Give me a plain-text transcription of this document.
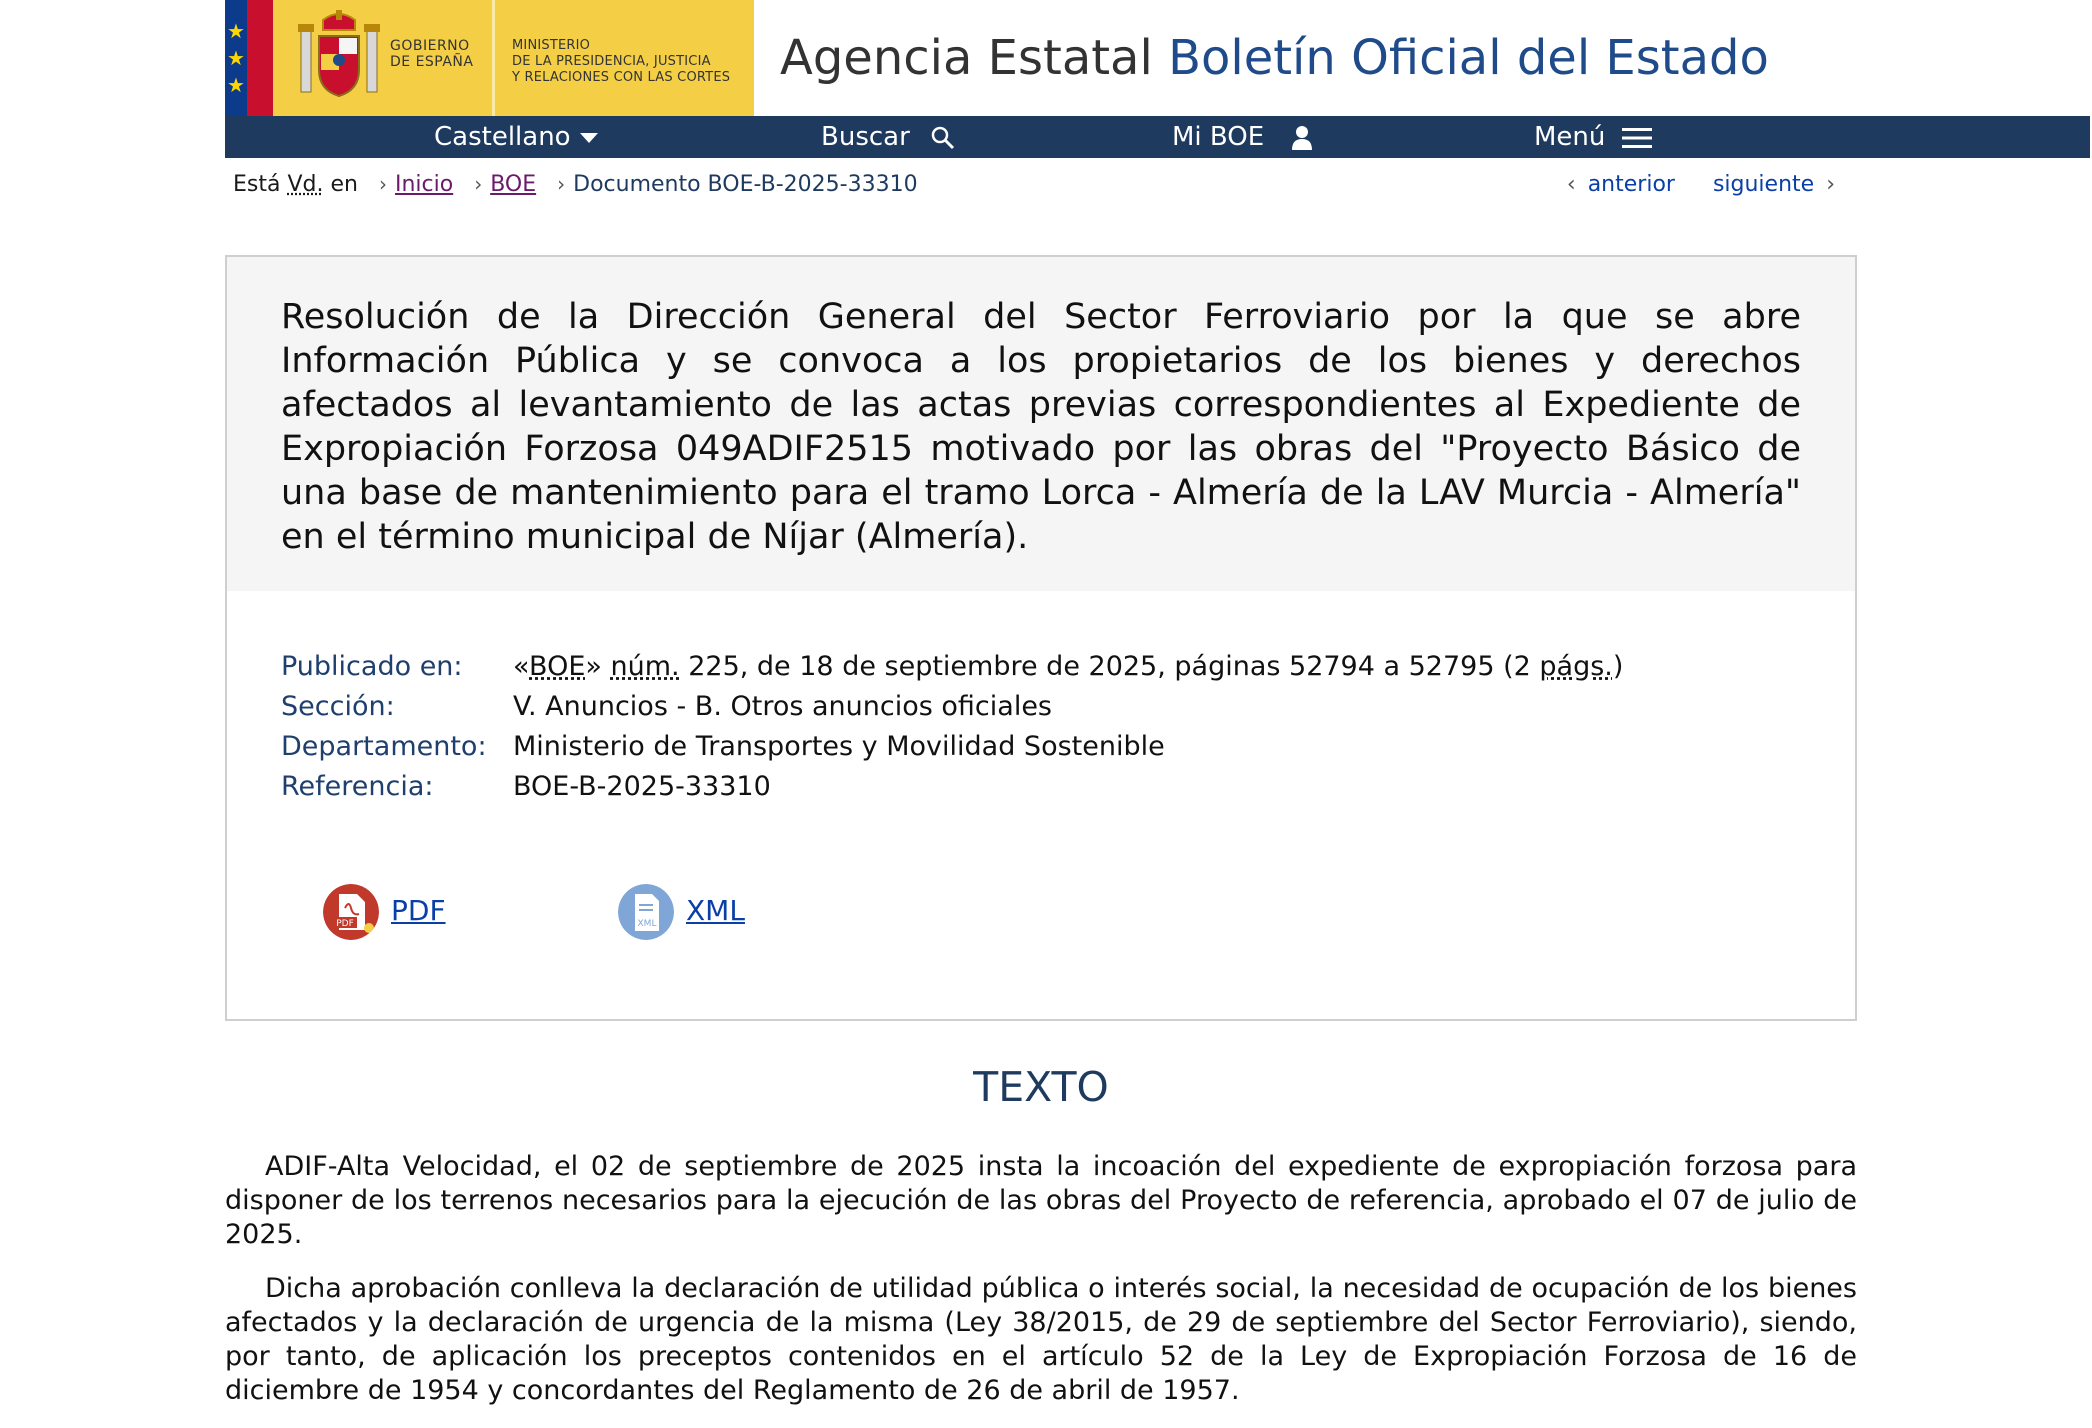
★
★
★
GOBIERNO
DE ESPAÑA
MINISTERIO
DE LA PRESIDENCIA, JUSTICIA
Y RELACIONES CON LAS CORTES Agencia Estatal Boletín Oficial del Estado
Castellano	Buscar	Mi BOE	Menú
Está Vd. en › Inicio › BOE › Documento BOE-B-2025-33310	‹ anterior siguiente ›
Resolución de la Dirección General del Sector Ferroviario por la que se abre Información Pública y se convoca a los propietarios de los bienes y derechos afectados al levantamiento de las actas previas correspondientes al Expediente de Expropiación Forzosa 049ADIF2515 motivado por las obras del "Proyecto Básico de una base de mantenimiento para el tramo Lorca - Almería de la LAV Murcia - Almería" en el término municipal de Níjar (Almería).
Publicado en: «BOE» núm. 225, de 18 de septiembre de 2025, páginas 52794 a 52795 (2 págs.)
Sección:	V. Anuncios - B. Otros anuncios oficiales
Departamento: Ministerio de Transportes y Movilidad Sostenible
Referencia:	BOE-B-2025-33310
PDF PDF	XML XML
TEXTO
ADIF-Alta Velocidad, el 02 de septiembre de 2025 insta la incoación del expediente de expropiación forzosa para disponer de los terrenos necesarios para la ejecución de las obras del Proyecto de referencia, aprobado el 07 de julio de 2025.
Dicha aprobación conlleva la declaración de utilidad pública o interés social, la necesidad de ocupación de los bienes afectados y la declaración de urgencia de la misma (Ley 38/2015, de 29 de septiembre del Sector Ferroviario), siendo, por tanto, de aplicación los preceptos contenidos en el artículo 52 de la Ley de Expropiación Forzosa de 16 de diciembre de 1954 y concordantes del Reglamento de 26 de abril de 1957.
